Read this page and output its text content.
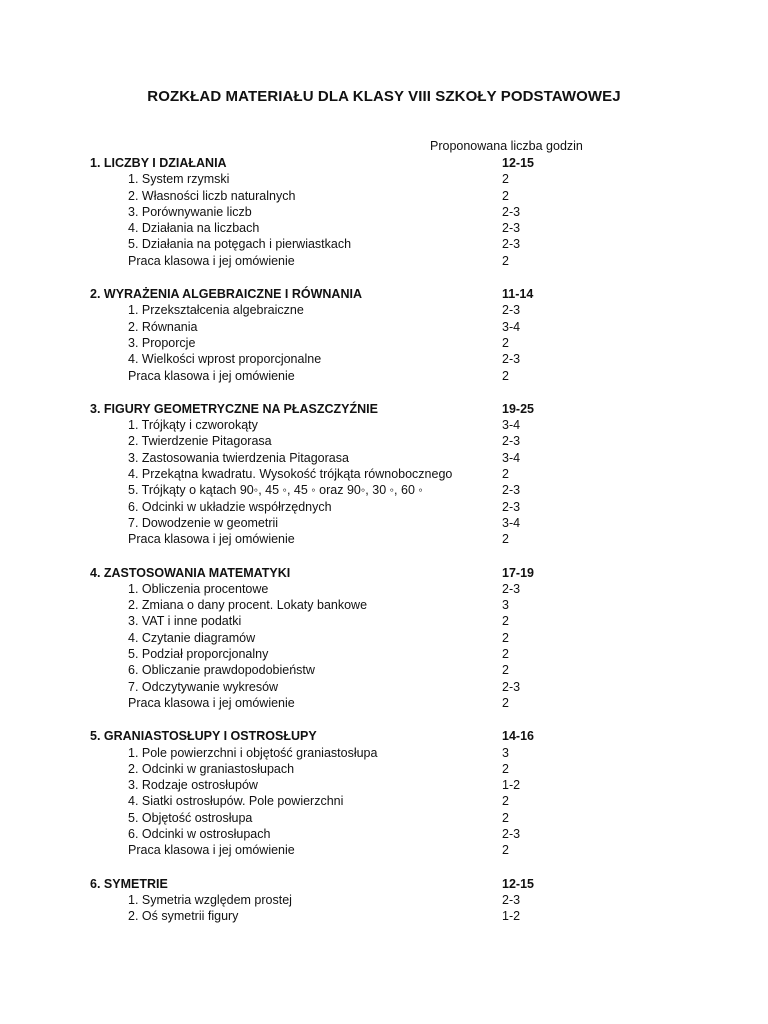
ROZKŁAD MATERIAŁU DLA KLASY VIII SZKOŁY PODSTAWOWEJ
Proponowana liczba godzin
1. LICZBY I DZIAŁANIA	12-15
1. System rzymski	2
2. Własności liczb naturalnych	2
3. Porównywanie liczb	2-3
4. Działania na liczbach	2-3
5. Działania na potęgach i pierwiastkach	2-3
Praca klasowa i jej omówienie	2
2. WYRAŻENIA ALGEBRAICZNE I RÓWNANIA	11-14
1. Przekształcenia algebraiczne	2-3
2. Równania	3-4
3. Proporcje	2
4. Wielkości wprost proporcjonalne	2-3
Praca klasowa i jej omówienie	2
3. FIGURY GEOMETRYCZNE NA PŁASZCZYŹNIE	19-25
1. Trójkąty i czworokąty	3-4
2. Twierdzenie Pitagorasa	2-3
3. Zastosowania twierdzenia Pitagorasa	3-4
4. Przekątna kwadratu. Wysokość trójkąta równobocznego	2
5. Trójkąty o kątach 90◦, 45 ◦, 45 ◦ oraz 90◦, 30 ◦, 60 ◦	2-3
6. Odcinki w układzie współrzędnych	2-3
7. Dowodzenie w geometrii	3-4
Praca klasowa i jej omówienie	2
4. ZASTOSOWANIA MATEMATYKI	17-19
1. Obliczenia procentowe	2-3
2. Zmiana o dany procent. Lokaty bankowe	3
3. VAT i inne podatki	2
4. Czytanie diagramów	2
5. Podział proporcjonalny	2
6. Obliczanie prawdopodobieństw	2
7. Odczytywanie wykresów	2-3
Praca klasowa i jej omówienie	2
5. GRANIASTOSŁUPY I OSTROSŁUPY	14-16
1. Pole powierzchni i objętość graniastosłupa	3
2. Odcinki w graniastosłupach	2
3. Rodzaje ostrosłupów	1-2
4. Siatki ostrosłupów. Pole powierzchni	2
5. Objętość ostrosłupa	2
6. Odcinki w ostrosłupach	2-3
Praca klasowa i jej omówienie	2
6. SYMETRIE	12-15
1. Symetria względem prostej	2-3
2. Oś symetrii figury	1-2
